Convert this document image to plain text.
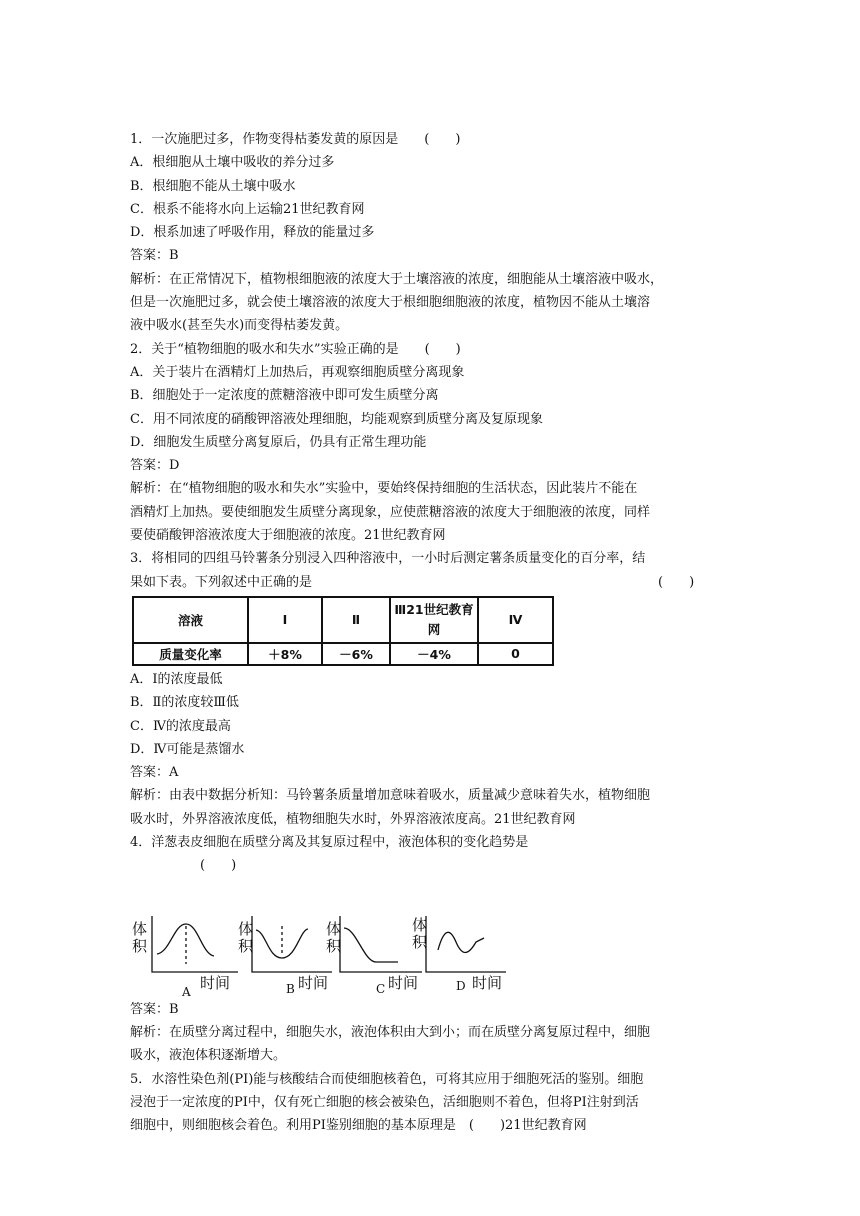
1．一次施肥过多，作物变得枯萎发黄的原因是　　(　　)
A．根细胞从土壤中吸收的养分过多
B．根细胞不能从土壤中吸水
C．根系不能将水向上运输21世纪教育网
D．根系加速了呼吸作用，释放的能量过多
答案：B
解析：在正常情况下，植物根细胞液的浓度大于土壤溶液的浓度，细胞能从土壤溶液中吸水，
但是一次施肥过多，就会使土壤溶液的浓度大于根细胞细胞液的浓度，植物因不能从土壤溶
液中吸水(甚至失水)而变得枯萎发黄。
2．关于“植物细胞的吸水和失水”实验正确的是　　(　　)
A．关于装片在酒精灯上加热后，再观察细胞质壁分离现象
B．细胞处于一定浓度的蔗糖溶液中即可发生质壁分离
C．用不同浓度的硝酸钾溶液处理细胞，均能观察到质壁分离及复原现象
D．细胞发生质壁分离复原后，仍具有正常生理功能
答案：D
解析：在“植物细胞的吸水和失水”实验中，要始终保持细胞的生活状态，因此装片不能在
酒精灯上加热。要使细胞发生质壁分离现象，应使蔗糖溶液的浓度大于细胞液的浓度，同样
要使硝酸钾溶液浓度大于细胞液的浓度。21世纪教育网
3．将相同的四组马铃薯条分别浸入四种溶液中，一小时后测定薯条质量变化的百分率，结
果如下表。下列叙述中正确的是	(　　)
溶液	Ⅰ	Ⅱ	Ⅲ21世纪教育网	Ⅳ
质量变化率	＋8%	－6%	－4%	0
A．Ⅰ的浓度最低
B．Ⅱ的浓度较Ⅲ低
C．Ⅳ的浓度最高
D．Ⅳ可能是蒸馏水
答案：A
解析：由表中数据分析知：马铃薯条质量增加意味着吸水，质量减少意味着失水，植物细胞
吸水时，外界溶液浓度低，植物细胞失水时，外界溶液浓度高。21世纪教育网
4．洋葱表皮细胞在质壁分离及其复原过程中，液泡体积的变化趋势是
(　　)
体
积
体
积
体
积
体
积
时间	时间	时间	时间
A	B	C	D
答案：B
解析：在质壁分离过程中，细胞失水，液泡体积由大到小；而在质壁分离复原过程中，细胞
吸水，液泡体积逐渐增大。
5．水溶性染色剂(PI)能与核酸结合而使细胞核着色，可将其应用于细胞死活的鉴别。细胞
浸泡于一定浓度的PI中，仅有死亡细胞的核会被染色，活细胞则不着色，但将PI注射到活
细胞中，则细胞核会着色。利用PI鉴别细胞的基本原理是　(　　)21世纪教育网
